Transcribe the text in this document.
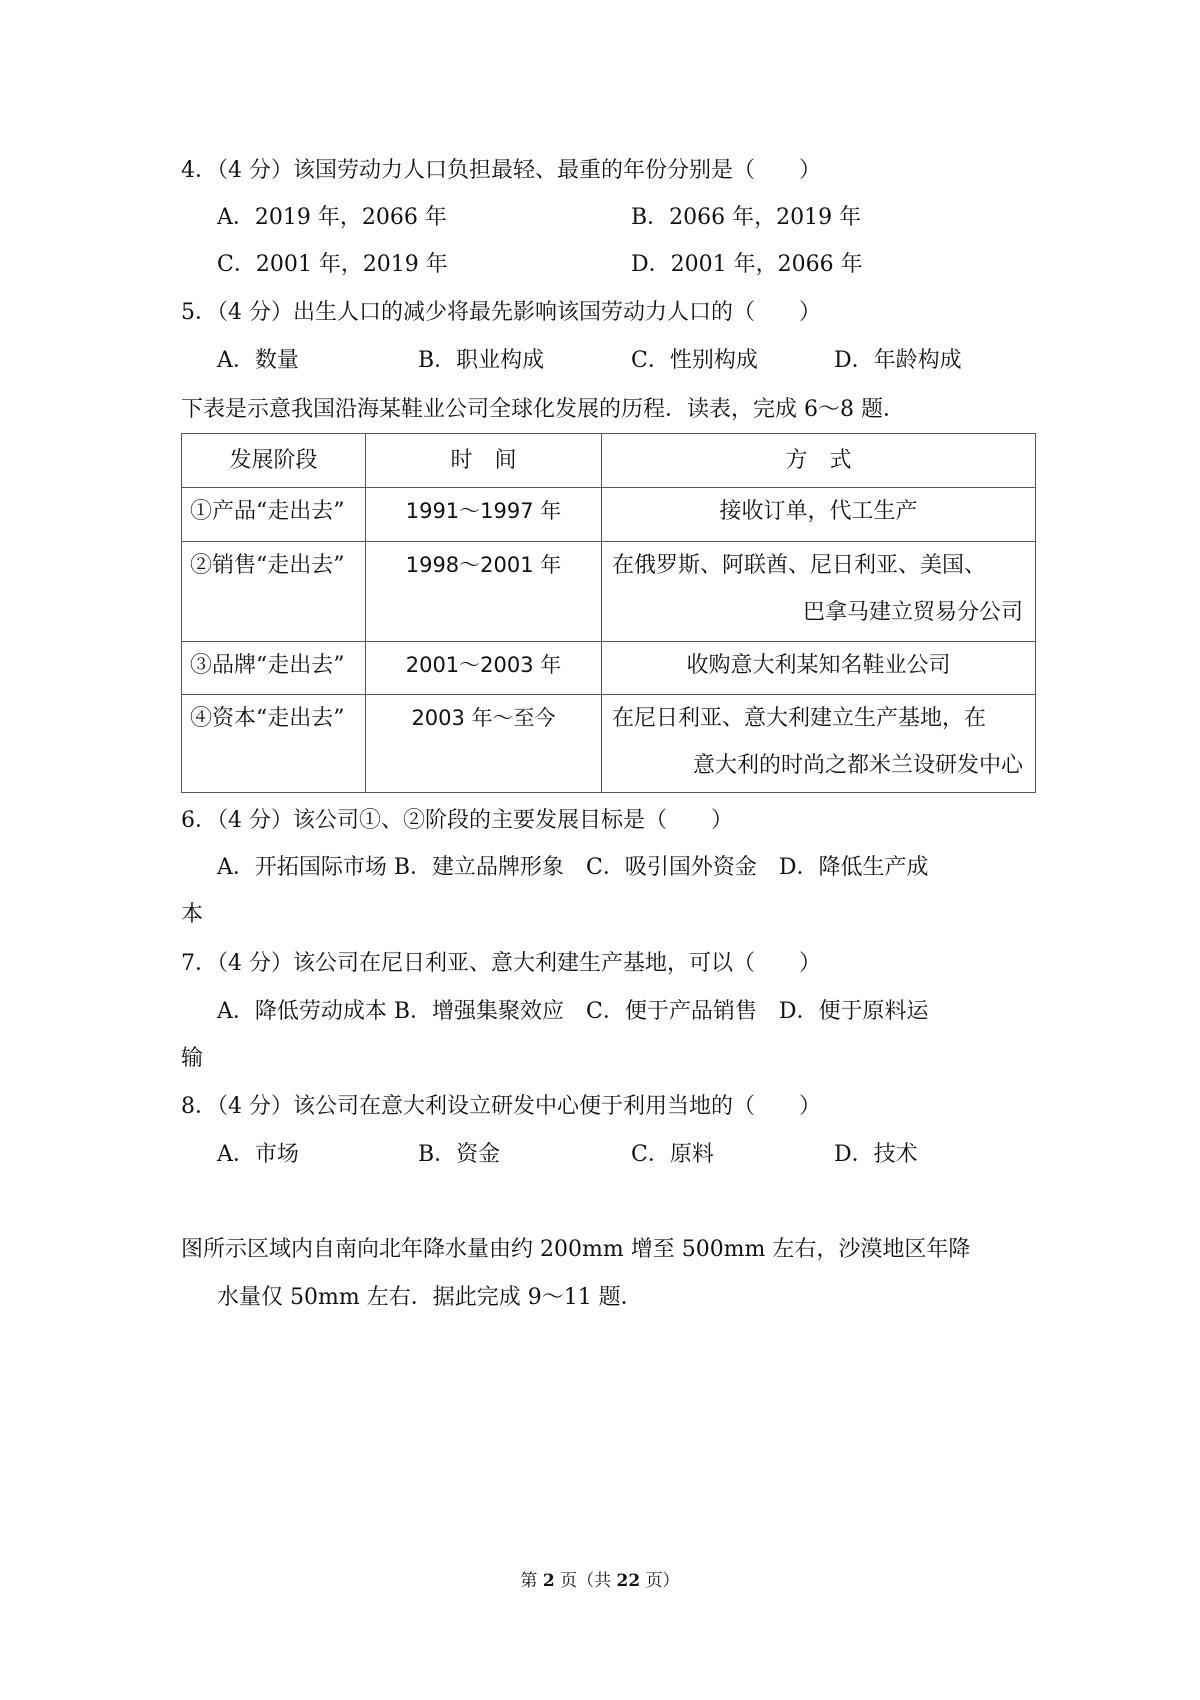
4．（4 分）该国劳动力人口负担最轻、最重的年份分别是（　　）
A．2019 年，2066 年	B．2066 年，2019 年
C．2001 年，2019 年	D．2001 年，2066 年
5．（4 分）出生人口的减少将最先影响该国劳动力人口的（　　）
A．数量	B．职业构成	C．性别构成	D．年龄构成
下表是示意我国沿海某鞋业公司全球化发展的历程．读表，完成 6～8 题．
发展阶段	时　间	方　式
①产品“走出去”	1991～1997 年	接收订单，代工生产
②销售“走出去”	1998～2001 年	在俄罗斯、阿联酋、尼日利亚、美国、
巴拿马建立贸易分公司

③品牌“走出去”	2001～2003 年	收购意大利某知名鞋业公司
④资本“走出去”	2003 年～至今	在尼日利亚、意大利建立生产基地，在
意大利的时尚之都米兰设研发中心
6．（4 分）该公司①、②阶段的主要发展目标是（　　）
A．开拓国际市场 B．建立品牌形象　C．吸引国外资金　D．降低生产成
本
7．（4 分）该公司在尼日利亚、意大利建生产基地，可以（　　）
A．降低劳动成本 B．增强集聚效应　C．便于产品销售　D．便于原料运
输
8．（4 分）该公司在意大利设立研发中心便于利用当地的（　　）
A．市场	B．资金	C．原料	D．技术
图所示区域内自南向北年降水量由约 200mm 增至 500mm 左右，沙漠地区年降
水量仅 50mm 左右．据此完成 9～11 题．
第 2 页（共 22 页）
